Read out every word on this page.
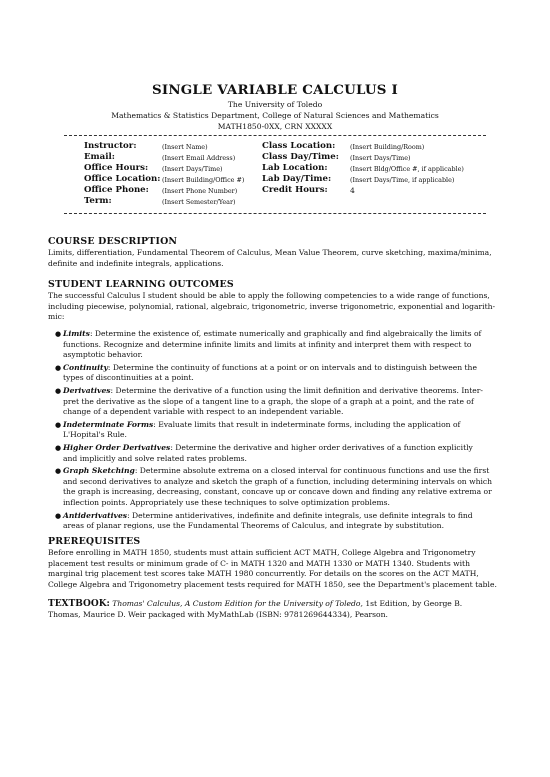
SINGLE VARIABLE CALCULUS I
The University of Toledo
Mathematics & Statistics Department, College of Natural Sciences and Mathematics
MATH1850-0XX, CRN XXXXX
Instructor:	(Insert Name)
Email:	(Insert Email Address)
Office Hours: (Insert Days/Time)
Office Location: (Insert Building/Office #)
Office Phone: (Insert Phone Number)
Term:	(Insert Semester/Year)
Class Location: (Insert Building/Room)
Class Day/Time: (Insert Days/Time)
Lab Location:	(Insert Bldg/Office #, if applicable)
Lab Day/Time:	(Insert Days/Time, if applicable)
Credit Hours:	4
COURSE DESCRIPTION
Limits, differentiation, Fundamental Theorem of Calculus, Mean Value Theorem, curve sketching, maxima/minima,
definite and indefinite integrals, applications.
STUDENT LEARNING OUTCOMES
The successful Calculus I student should be able to apply the following competencies to a wide range of functions,
including piecewise, polynomial, rational, algebraic, trigonometric, inverse trigonometric, exponential and logarith-
mic:
● Limits: Determine the existence of, estimate numerically and graphically and find algebraically the limits of
functions. Recognize and determine infinite limits and limits at infinity and interpret them with respect to
asymptotic behavior.
● Continuity: Determine the continuity of functions at a point or on intervals and to distinguish between the
types of discontinuities at a point.
● Derivatives: Determine the derivative of a function using the limit definition and derivative theorems. Inter-
pret the derivative as the slope of a tangent line to a graph, the slope of a graph at a point, and the rate of
change of a dependent variable with respect to an independent variable.
● Indeterminate Forms: Evaluate limits that result in indeterminate forms, including the application of
L'Hopital's Rule.
● Higher Order Derivatives: Determine the derivative and higher order derivatives of a function explicitly
and implicitly and solve related rates problems.
● Graph Sketching: Determine absolute extrema on a closed interval for continuous functions and use the first
and second derivatives to analyze and sketch the graph of a function, including determining intervals on which
the graph is increasing, decreasing, constant, concave up or concave down and finding any relative extrema or
inflection points. Appropriately use these techniques to solve optimization problems.
● Antiderivatives: Determine antiderivatives, indefinite and definite integrals, use definite integrals to find
areas of planar regions, use the Fundamental Theorems of Calculus, and integrate by substitution.
PREREQUISITES
Before enrolling in MATH 1850, students must attain sufficient ACT MATH, College Algebra and Trigonometry
placement test results or minimum grade of C- in MATH 1320 and MATH 1330 or MATH 1340. Students with
marginal trig placement test scores take MATH 1980 concurrently. For details on the scores on the ACT MATH,
College Algebra and Trigonometry placement tests required for MATH 1850, see the Department's placement table.
TEXTBOOK: Thomas' Calculus, A Custom Edition for the University of Toledo, 1st Edition, by George B.
Thomas, Maurice D. Weir packaged with MyMathLab (ISBN: 9781269644334), Pearson.
